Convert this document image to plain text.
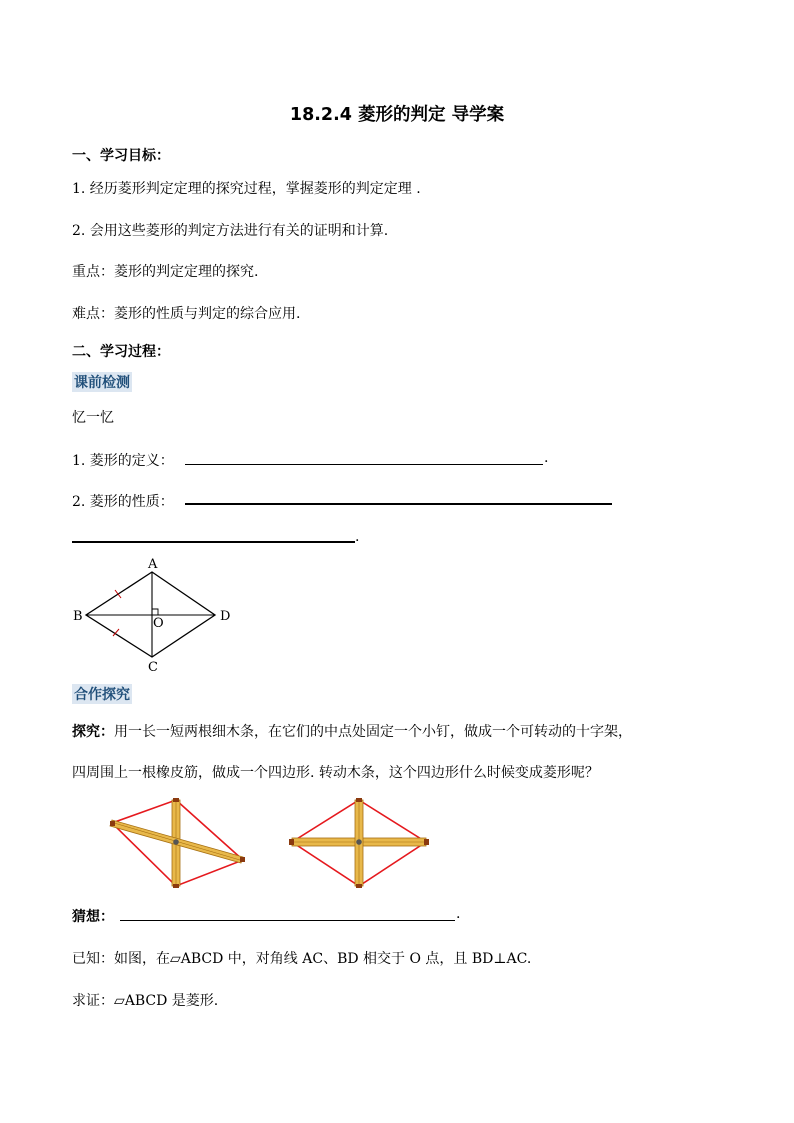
18.2.4 菱形的判定 导学案
一、学习目标：
1. 经历菱形判定定理的探究过程，掌握菱形的判定定理 .
2. 会用这些菱形的判定方法进行有关的证明和计算.
重点：菱形的判定定理的探究.
难点：菱形的性质与判定的综合应用.
二、学习过程：
课前检测
忆一忆
1. 菱形的定义：	.
2. 菱形的性质：
.
A
B
C
D
O
合作探究
探究：用一长一短两根细木条，在它们的中点处固定一个小钉，做成一个可转动的十字架，
四周围上一根橡皮筋，做成一个四边形. 转动木条，这个四边形什么时候变成菱形呢？
猜想：	.
已知：如图，在▱ABCD 中，对角线 AC、BD 相交于 O 点，且 BD⊥AC.
求证：▱ABCD 是菱形.
